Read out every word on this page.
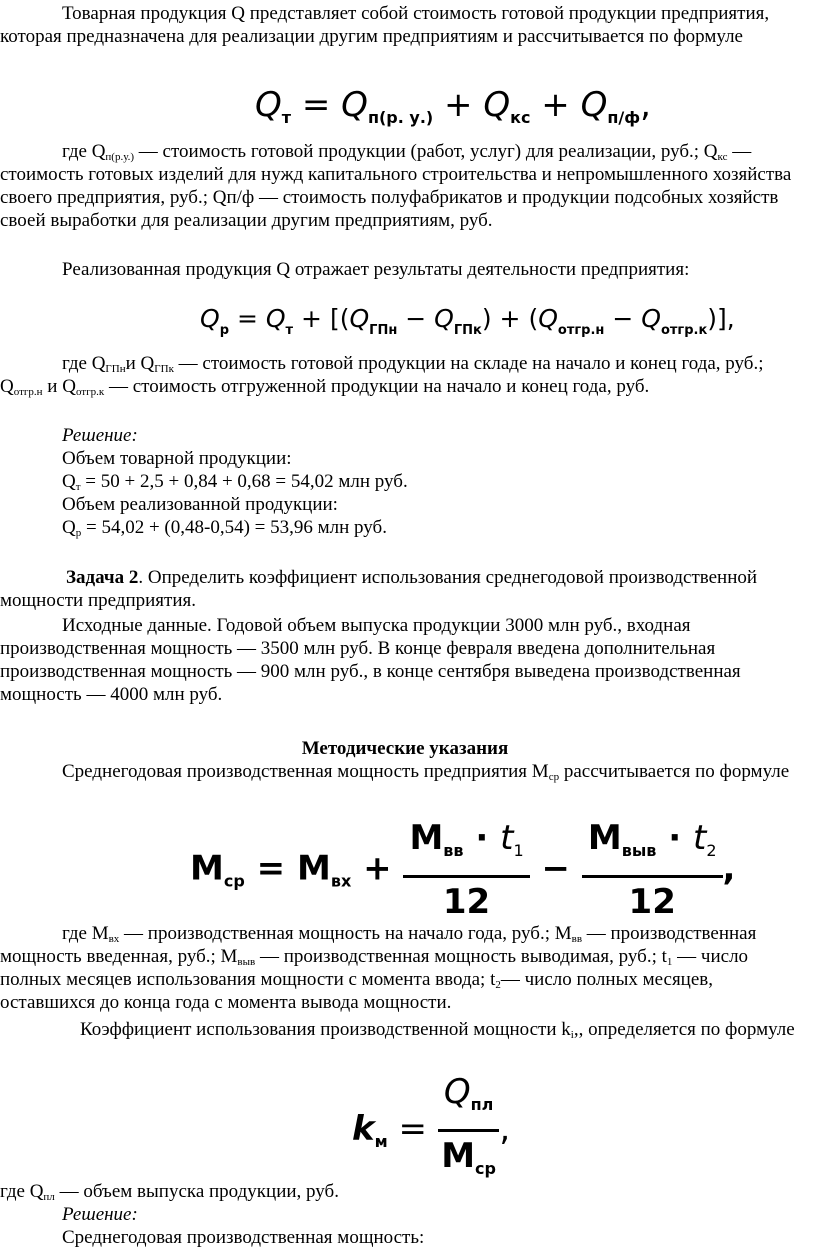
Товарная продукция Q представляет собой стоимость готовой продукции предприятия, которая предназначена для реализации другим предприятиям и рассчитывается по формуле

$Q_т = Q_{п(р. у.)} + Q_{кс} + Q_{п/ф}$,

где $Q_{п(р.у.)}$ — стоимость готовой продукции (работ, услуг) для реализации, руб.; $Q_{кс}$ — стоимость готовых изделий для нужд капитального строительства и непромышленного хозяйства своего предприятия, руб.; Qп/ф — стоимость полуфабрикатов и продукции подсобных хозяйств своей выработки для реализации другим предприятиям, руб.

Реализованная продукция Q отражает результаты деятельности предприятия:

$Q_р = Q_т + [(Q_{ГПн} - Q_{ГПк}) + (Q_{отгр.н} - Q_{отгр.к})]$,

где $Q_{ГПн}и$ $Q_{ГПк}$ — стоимость готовой продукции на складе на начало и конец года, руб.; $Q_{отгр.н}$ и $Q_{отгр.к}$ — стоимость отгруженной продукции на начало и конец года, руб.

Решение:

Объем товарной продукции:

$Q_т = 50 + 2,5 + 0,84 + 0,68 = 54,02$ млн руб.

Объем реализованной продукции:

$Q_р = 54,02 + (0,48-0,54) = 53,96$ млн руб.

Задача 2. Определить коэффициент использования среднегодовой производственной мощности предприятия.

Исходные данные. Годовой объем выпуска продукции 3000 млн руб., входная производственная мощность — 3500 млн руб. В конце февраля введена дополнительная производственная мощность — 900 млн руб., в конце сентября выведена производственная мощность — 4000 млн руб.

Методические указания

Среднегодовая производственная мощность предприятия $М_{ср}$ рассчитывается по формуле

$М_{ср} = М_{вх} + \frac{М_{вв} \cdot t_1}{12} - \frac{М_{выв} \cdot t_2}{12}$ ,

где $М_{вх}$ — производственная мощность на начало года, руб.; $М_{вв}$ — производственная мощность введенная, руб.; $М_{выв}$ — производственная мощность выводимая, руб.; $t_1$ — число полных месяцев использования мощности с момента ввода; $t_2—$ число полных месяцев, оставшихся до конца года с момента вывода мощности.

Коэффициент использования производственной мощности $k_i$,, определяется по формуле

$k_м = \frac{Q_{пл}}{М_{ср}}$ ,

где $Q_{пл}$ — объем выпуска продукции, руб.

Решение:

Среднегодовая производственная мощность:
